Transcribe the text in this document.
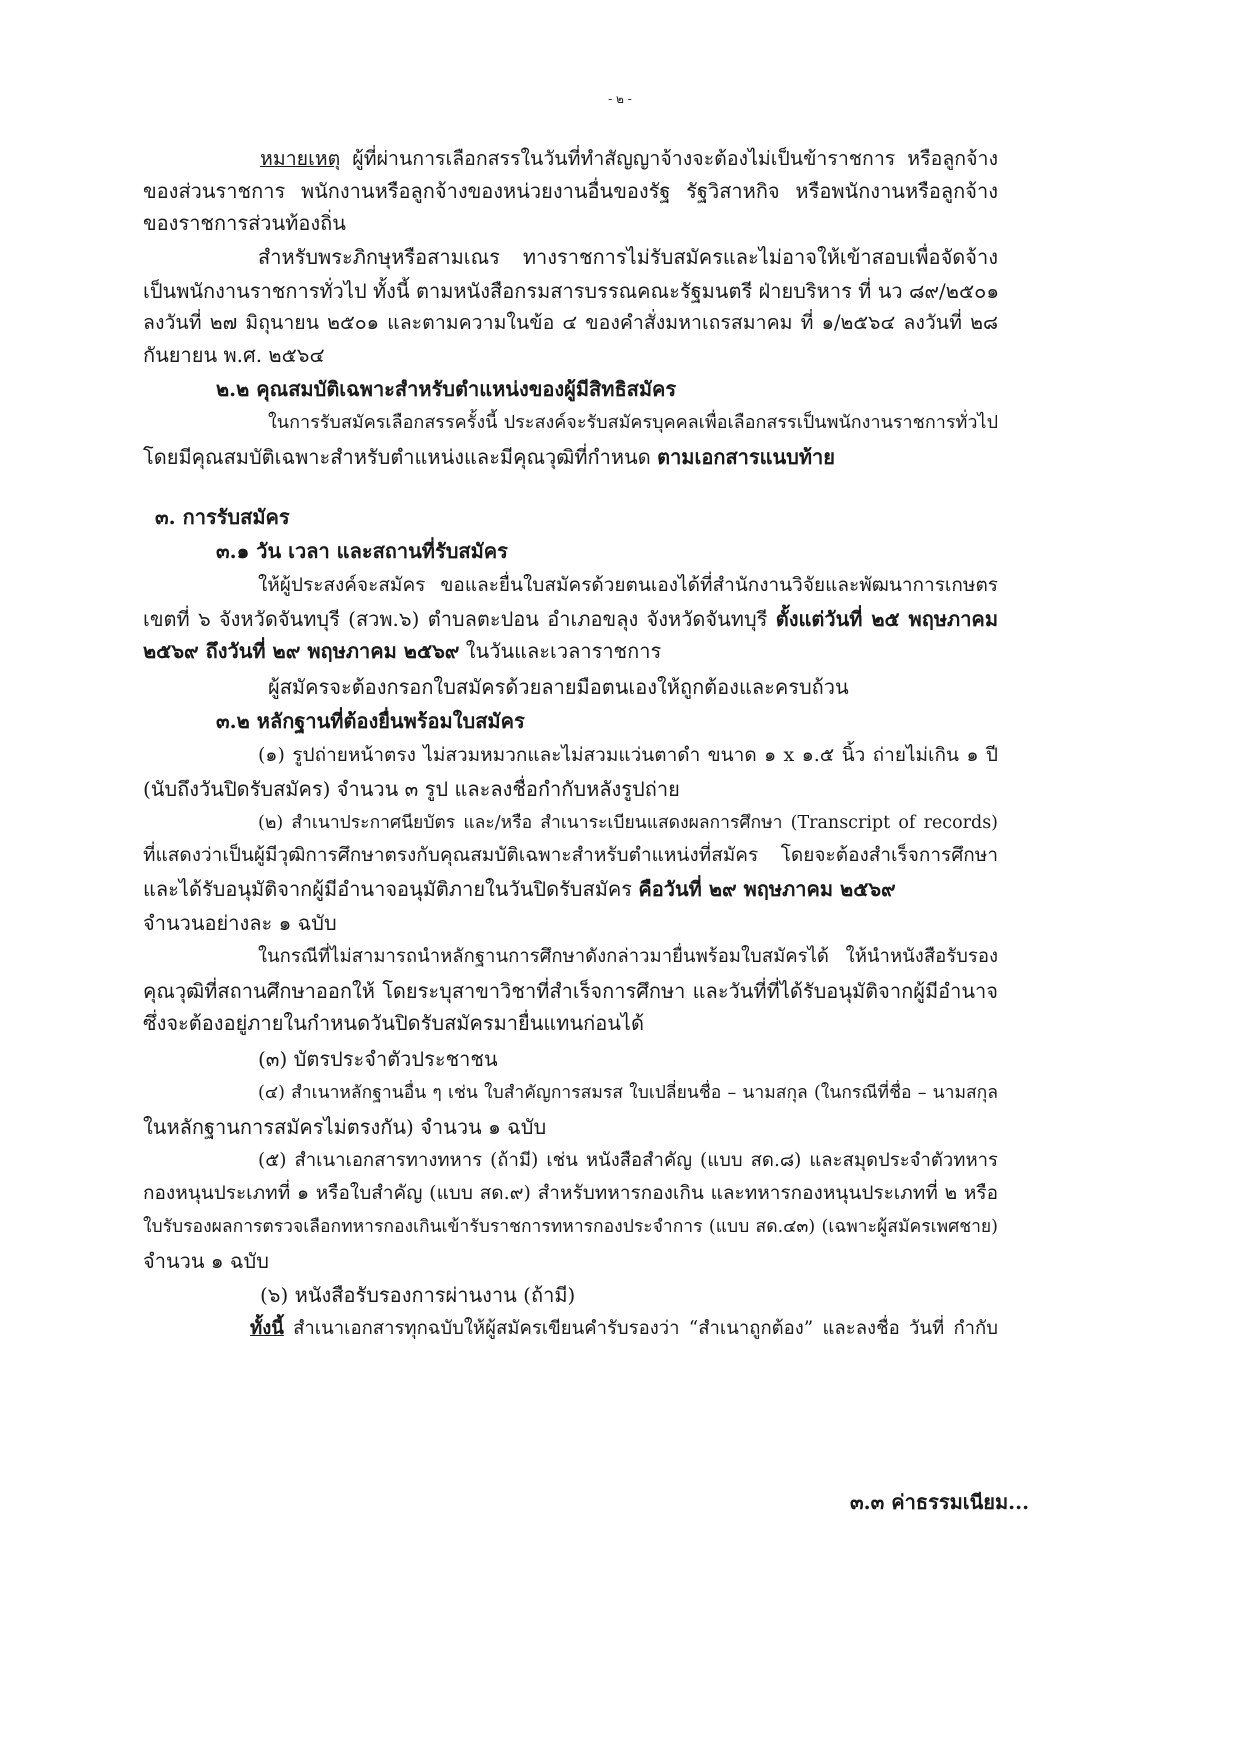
- ๒ -
หมายเหตุ ผู้ที่ผ่านการเลือกสรรในวันที่ทำสัญญาจ้างจะต้องไม่เป็นข้าราชการ หรือลูกจ้าง
ของส่วนราชการ พนักงานหรือลูกจ้างของหน่วยงานอื่นของรัฐ รัฐวิสาหกิจ หรือพนักงานหรือลูกจ้าง
ของราชการส่วนท้องถิ่น
สำหรับพระภิกษุหรือสามเณร ทางราชการไม่รับสมัครและไม่อาจให้เข้าสอบเพื่อจัดจ้าง
เป็นพนักงานราชการทั่วไป ทั้งนี้ ตามหนังสือกรมสารบรรณคณะรัฐมนตรี ฝ่ายบริหาร ที่ นว ๘๙/๒๕๐๑
ลงวันที่ ๒๗ มิถุนายน ๒๕๐๑ และตามความในข้อ ๔ ของคำสั่งมหาเถรสมาคม ที่ ๑/๒๕๖๔ ลงวันที่ ๒๘
กันยายน พ.ศ. ๒๕๖๔
๒.๒ คุณสมบัติเฉพาะสำหรับตำแหน่งของผู้มีสิทธิสมัคร
ในการรับสมัครเลือกสรรครั้งนี้ ประสงค์จะรับสมัครบุคคลเพื่อเลือกสรรเป็นพนักงานราชการทั่วไป
โดยมีคุณสมบัติเฉพาะสำหรับตำแหน่งและมีคุณวุฒิที่กำหนด ตามเอกสารแนบท้าย
๓. การรับสมัคร
๓.๑ วัน เวลา และสถานที่รับสมัคร
ให้ผู้ประสงค์จะสมัคร ขอและยื่นใบสมัครด้วยตนเองได้ที่สำนักงานวิจัยและพัฒนาการเกษตร
เขตที่ ๖ จังหวัดจันทบุรี (สวพ.๖) ตำบลตะปอน อำเภอขลุง จังหวัดจันทบุรี ตั้งแต่วันที่ ๒๕ พฤษภาคม
๒๕๖๙ ถึงวันที่ ๒๙ พฤษภาคม ๒๕๖๙ ในวันและเวลาราชการ
ผู้สมัครจะต้องกรอกใบสมัครด้วยลายมือตนเองให้ถูกต้องและครบถ้วน
๓.๒ หลักฐานที่ต้องยื่นพร้อมใบสมัคร
(๑) รูปถ่ายหน้าตรง ไม่สวมหมวกและไม่สวมแว่นตาดำ ขนาด ๑ x ๑.๕ นิ้ว ถ่ายไม่เกิน ๑ ปี
(นับถึงวันปิดรับสมัคร) จำนวน ๓ รูป และลงชื่อกำกับหลังรูปถ่าย
(๒) สำเนาประกาศนียบัตร และ/หรือ สำเนาระเบียนแสดงผลการศึกษา (Transcript of records)
ที่แสดงว่าเป็นผู้มีวุฒิการศึกษาตรงกับคุณสมบัติเฉพาะสำหรับตำแหน่งที่สมัคร โดยจะต้องสำเร็จการศึกษา
และได้รับอนุมัติจากผู้มีอำนาจอนุมัติภายในวันปิดรับสมัคร คือวันที่ ๒๙ พฤษภาคม ๒๕๖๙
จำนวนอย่างละ ๑ ฉบับ
ในกรณีที่ไม่สามารถนำหลักฐานการศึกษาดังกล่าวมายื่นพร้อมใบสมัครได้ ให้นำหนังสือรับรอง
คุณวุฒิที่สถานศึกษาออกให้ โดยระบุสาขาวิชาที่สำเร็จการศึกษา และวันที่ที่ได้รับอนุมัติจากผู้มีอำนาจ
ซึ่งจะต้องอยู่ภายในกำหนดวันปิดรับสมัครมายื่นแทนก่อนได้
(๓) บัตรประจำตัวประชาชน
(๔) สำเนาหลักฐานอื่น ๆ เช่น ใบสำคัญการสมรส ใบเปลี่ยนชื่อ – นามสกุล (ในกรณีที่ชื่อ – นามสกุล
ในหลักฐานการสมัครไม่ตรงกัน) จำนวน ๑ ฉบับ
(๕) สำเนาเอกสารทางทหาร (ถ้ามี) เช่น หนังสือสำคัญ (แบบ สด.๘) และสมุดประจำตัวทหาร
กองหนุนประเภทที่ ๑ หรือใบสำคัญ (แบบ สด.๙) สำหรับทหารกองเกิน และทหารกองหนุนประเภทที่ ๒ หรือ
ใบรับรองผลการตรวจเลือกทหารกองเกินเข้ารับราชการทหารกองประจำการ (แบบ สด.๔๓) (เฉพาะผู้สมัครเพศชาย)
จำนวน ๑ ฉบับ
(๖) หนังสือรับรองการผ่านงาน (ถ้ามี)
ทั้งนี้ สำเนาเอกสารทุกฉบับให้ผู้สมัครเขียนคำรับรองว่า “สำเนาถูกต้อง” และลงชื่อ วันที่ กำกับ
๓.๓ ค่าธรรมเนียม...
